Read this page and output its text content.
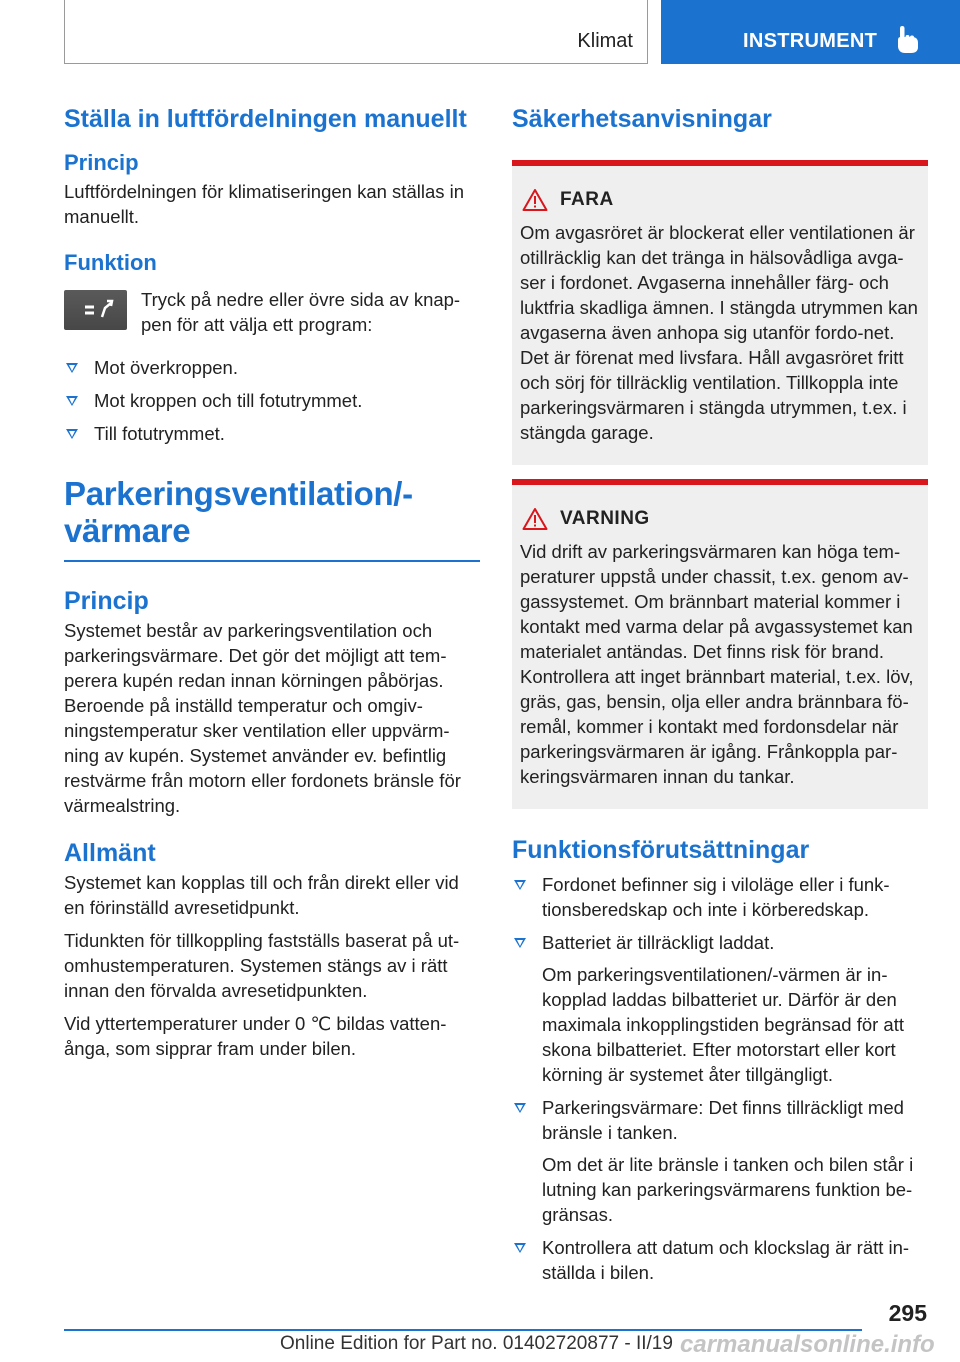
Klimat	INSTRUMENT
Ställa in luftfördelningen manuellt
Princip

Luftfördelningen för klimatiseringen kan ställas in manuellt.

Funktion

Tryck på nedre eller övre sida av knap-pen för att välja ett program:

Mot överkroppen.
Mot kroppen och till fotutrymmet.
Till fotutrymmet.
Parkeringsventilation/-värmare
Princip

Systemet består av parkeringsventilation och parkeringsvärmare. Det gör det möjligt att tem-perera kupén redan innan körningen påbörjas. Beroende på inställd temperatur och omgiv-ningstemperatur sker ventilation eller uppvärm-ning av kupén. Systemet använder ev. befintlig restvärme från motorn eller fordonets bränsle för värmealstring.

Allmänt

Systemet kan kopplas till och från direkt eller vid en förinställd avresetidpunkt.

Tidunkten för tillkoppling fastställs baserat på ut-omhustemperaturen. Systemen stängs av i rätt innan den förvalda avresetidpunkten.

Vid yttertemperaturer under 0 ℃ bildas vatten-ånga, som sipprar fram under bilen.

Säkerhetsanvisningar
FARA

Om avgasröret är blockerat eller ventilationen är otillräcklig kan det tränga in hälsovådliga avga-ser i fordonet. Avgaserna innehåller färg- och luktfria skadliga ämnen. I stängda utrymmen kan avgaserna även anhopa sig utanför fordo-net. Det är förenat med livsfara. Håll avgasröret fritt och sörj för tillräcklig ventilation. Tillkoppla inte parkeringsvärmaren i stängda utrymmen, t.ex. i stängda garage.

VARNING

Vid drift av parkeringsvärmaren kan höga tem-peraturer uppstå under chassit, t.ex. genom av-gassystemet. Om brännbart material kommer i kontakt med varma delar på avgassystemet kan materialet antändas. Det finns risk för brand. Kontrollera att inget brännbart material, t.ex. löv, gräs, gas, bensin, olja eller andra brännbara fö-remål, kommer i kontakt med fordonsdelar när parkeringsvärmaren är igång. Frånkoppla par-keringsvärmaren innan du tankar.

Funktionsförutsättningar
Fordonet befinner sig i viloläge eller i funk-tionsberedskap och inte i körberedskap.
Batteriet är tillräckligt laddat.
Om parkeringsventilationen/-värmen är in-kopplad laddas bilbatteriet ur. Därför är den maximala inkopplingstiden begränsad för att skona bilbatteriet. Efter motorstart eller kort körning är systemet åter tillgängligt.
Parkeringsvärmare: Det finns tillräckligt med bränsle i tanken.
Om det är lite bränsle i tanken och bilen står i lutning kan parkeringsvärmarens funktion be-gränsas.
Kontrollera att datum och klockslag är rätt in-ställda i bilen.
295
Online Edition for Part no. 01402720877 - II/19 carmanualsonline.info
